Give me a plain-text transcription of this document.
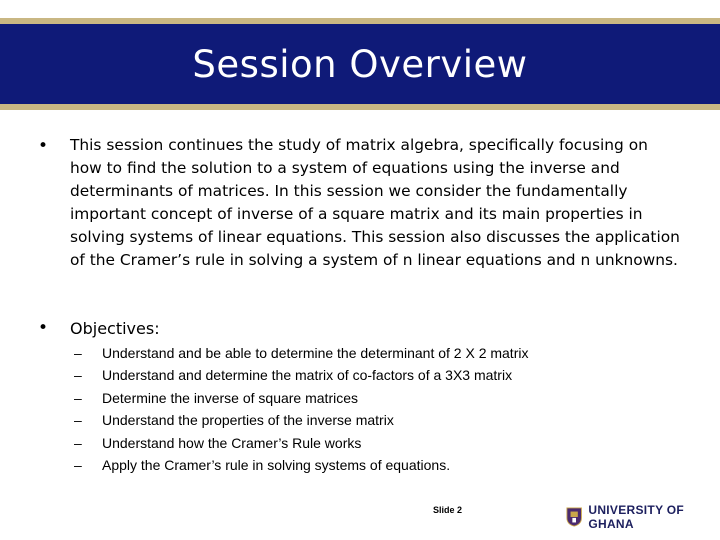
Session Overview
• This session continues the study of matrix algebra, specifically focusing on how to find the solution to a system of equations using the inverse and determinants of matrices. In this session we consider the fundamentally important concept of inverse of a square matrix and its main properties in solving systems of linear equations. This session also discusses the application of the Cramer’s rule in solving a system of n linear equations and n unknowns.
• Objectives:
–	Understand and be able to determine the determinant of 2 X 2 matrix
–	Understand and determine the matrix of co-factors of a 3X3 matrix
–	Determine the inverse of square matrices
–	Understand the properties of the inverse matrix
–	Understand how the Cramer’s Rule works
–	Apply the Cramer’s rule in solving systems of equations.
Slide 2	UNIVERSITY OF GHANA
